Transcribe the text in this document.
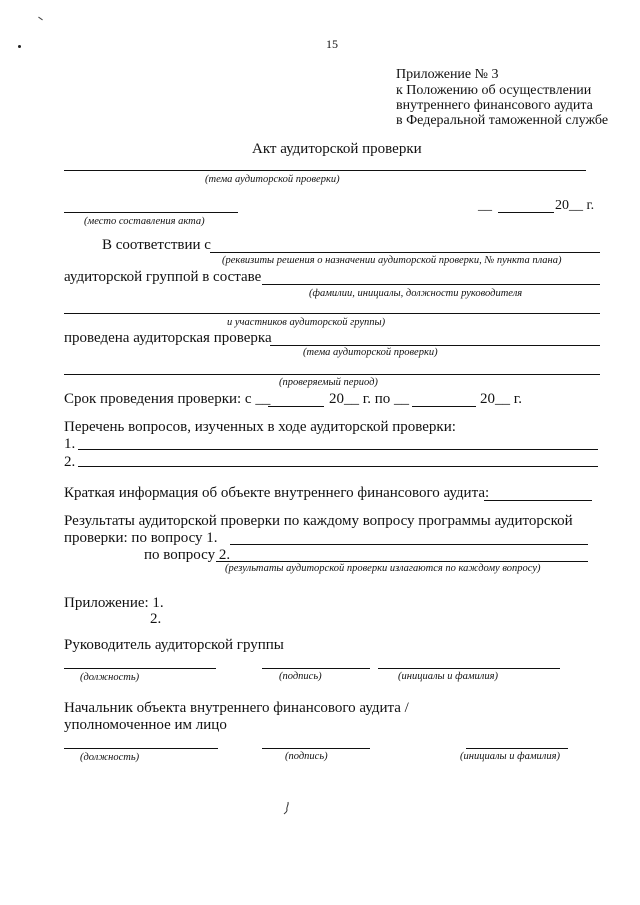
15
Приложение № 3
к Положению об осуществлении
внутреннего финансового аудита
в Федеральной таможенной службе
Акт аудиторской проверки
(тема аудиторской проверки)
(место составления акта)
__	20__ г.
В соответствии с
(реквизиты решения о назначении аудиторской проверки, № пункта плана)
аудиторской группой в составе
(фамилии, инициалы, должности руководителя
и участников аудиторской группы)
проведена аудиторская проверка
(тема аудиторской проверки)
(проверяемый период)
Срок проведения проверки: с __	20__ г. по __	20__ г.
Перечень вопросов, изученных в ходе аудиторской проверки:
1.
2.
Краткая информация об объекте внутреннего финансового аудита:
Результаты аудиторской проверки по каждому вопросу программы аудиторской
проверки: по вопросу 1.
по вопросу 2.
(результаты аудиторской проверки излагаются по каждому вопросу)
Приложение: 1.
2.
Руководитель аудиторской группы
(должность)	(подпись)	(инициалы и фамилия)
Начальник объекта внутреннего финансового аудита /
уполномоченное им лицо
(должность)	(подпись)	(инициалы и фамилия)
